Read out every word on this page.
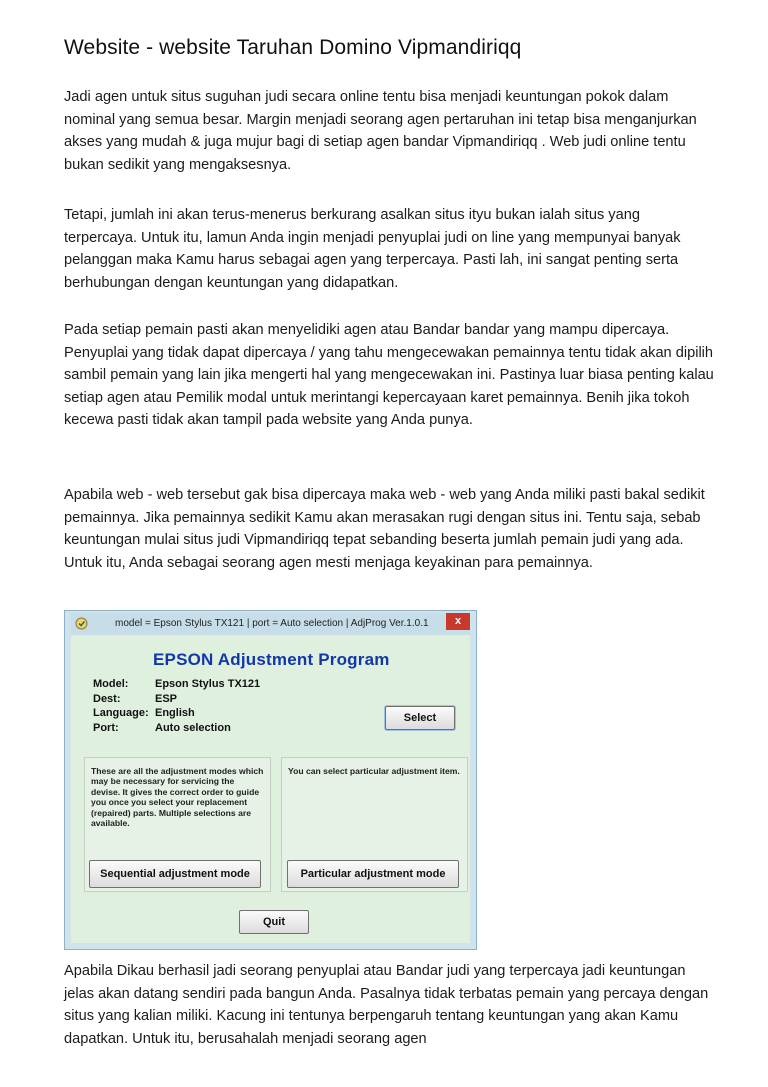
Website - website Taruhan Domino Vipmandiriqq

Jadi agen untuk situs suguhan judi secara online tentu bisa menjadi keuntungan pokok dalam nominal yang semua besar. Margin menjadi seorang agen pertaruhan ini tetap bisa menganjurkan akses yang mudah & juga mujur bagi di setiap agen bandar Vipmandiriqq . Web judi online tentu bukan sedikit yang mengaksesnya.

Tetapi, jumlah ini akan terus-menerus berkurang asalkan situs ityu bukan ialah situs yang terpercaya. Untuk itu, lamun Anda ingin menjadi penyuplai judi on line yang mempunyai banyak pelanggan maka Kamu harus sebagai agen yang terpercaya. Pasti lah, ini sangat penting serta berhubungan dengan keuntungan yang didapatkan.

Pada setiap pemain pasti akan menyelidiki agen atau Bandar bandar yang mampu dipercaya. Penyuplai yang tidak dapat dipercaya / yang tahu mengecewakan pemainnya tentu tidak akan dipilih sambil pemain yang lain jika mengerti hal yang mengecewakan ini. Pastinya luar biasa penting kalau setiap agen atau Pemilik modal untuk merintangi kepercayaan karet pemainnya. Benih jika tokoh kecewa pasti tidak akan tampil pada website yang Anda punya.

Apabila web - web tersebut gak bisa dipercaya maka web - web yang Anda miliki pasti bakal sedikit pemainnya. Jika pemainnya sedikit Kamu akan merasakan rugi dengan situs ini. Tentu saja, sebab keuntungan mulai situs judi Vipmandiriqq tepat sebanding beserta jumlah pemain judi yang ada. Untuk itu, Anda sebagai seorang agen mesti menjaga keyakinan para pemainnya.

Apabila Dikau berhasil jadi seorang penyuplai atau Bandar judi yang terpercaya jadi keuntungan jelas akan datang sendiri pada bangun Anda. Pasalnya tidak terbatas pemain yang percaya dengan situs yang kalian miliki. Kacung ini tentunya berpengaruh tentang keuntungan yang akan Kamu dapatkan. Untuk itu, berusahalah menjadi seorang agen

model = Epson Stylus TX121 | port = Auto selection | AdjProg Ver.1.0.1	x
EPSON Adjustment Program
Model: Epson Stylus TX121
Dest:	ESP
Language: English
Port:	Auto selection
Select
These are all the adjustment modes which may be necessary for servicing the devise. It gives the correct order to guide you once you select your replacement (repaired) parts. Multiple selections are available.
You can select particular adjustment item.
Sequential adjustment mode	Particular adjustment mode
Quit
